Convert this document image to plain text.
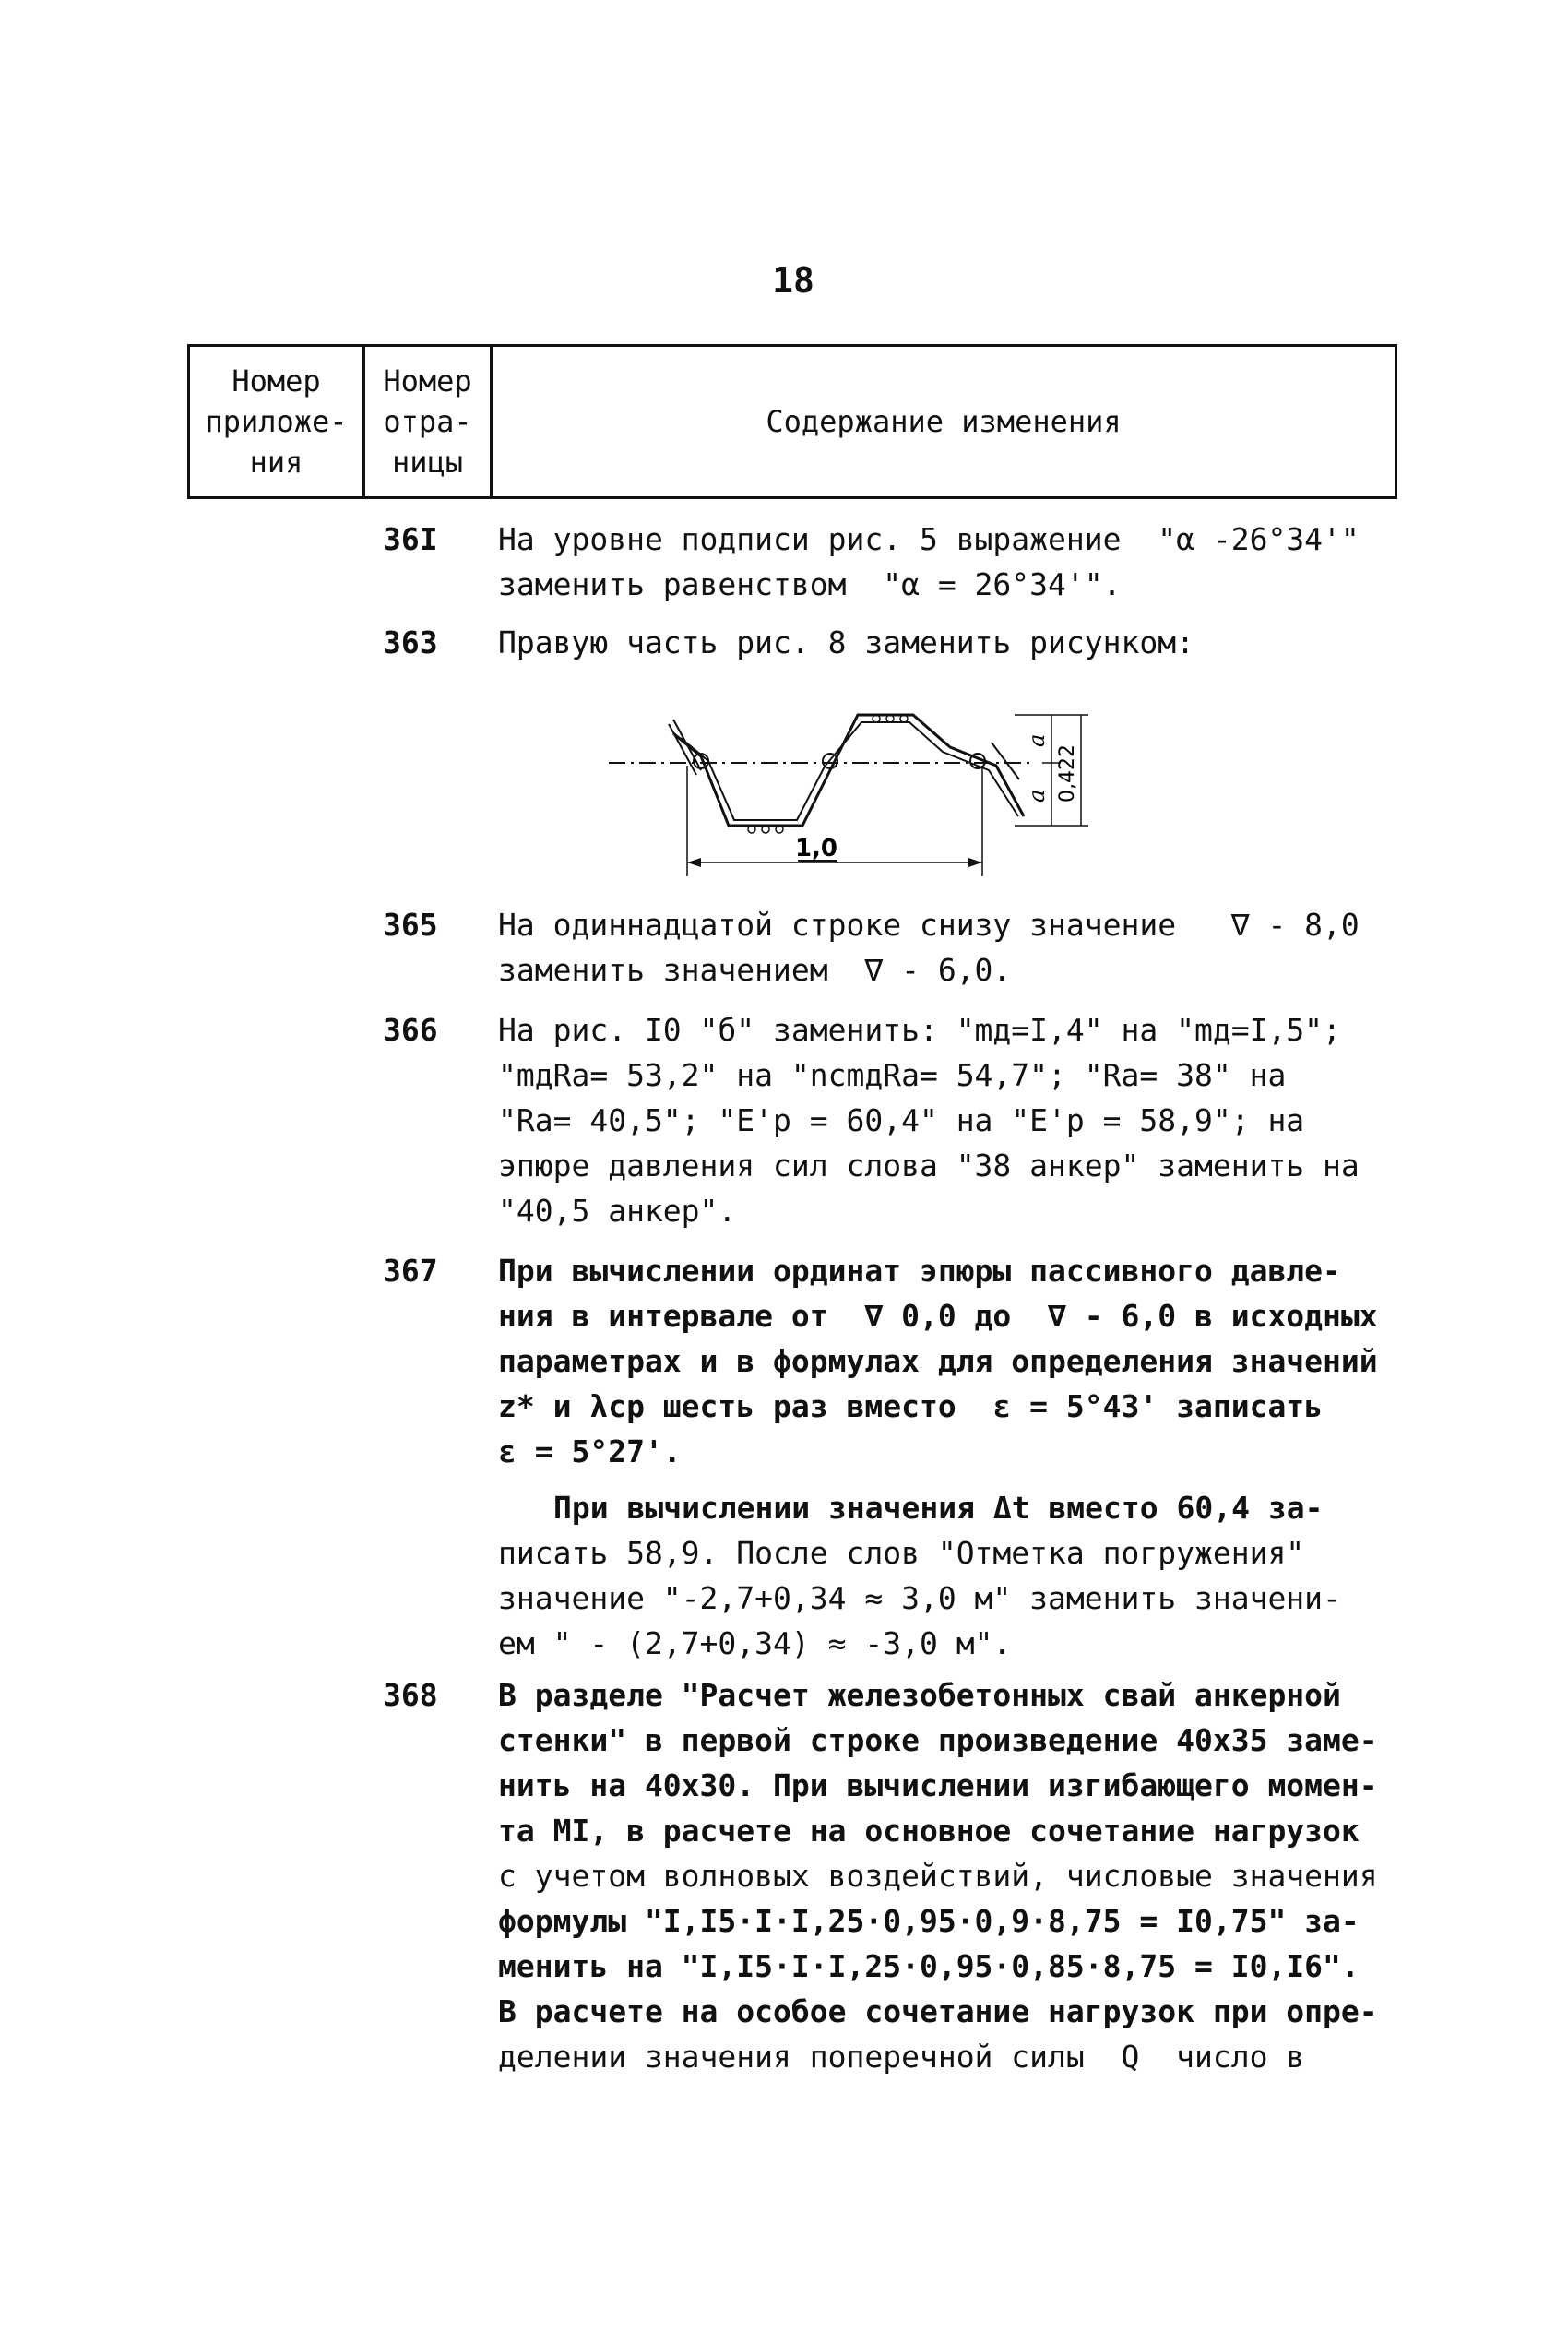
18
Номер
приложе-
ния
Номер
отра-
ницы
Содержание изменения
36I На уровне подписи рис. 5 выражение  "α -26°34'"

заменить равенством  "α = 26°34'".

363 Правую часть рис. 8 заменить рисунком:

1,0
a
a 0,422
365 На одиннадцатой строке снизу значение   ∇ - 8,0

заменить значением  ∇ - 6,0.

366 На рис. I0 "б" заменить: "mд=I,4" на "mд=I,5";

"mдRа= 53,2" на "nсmдRа= 54,7"; "Rа= 38" на

"Rа= 40,5"; "E'р = 60,4" на "E'р = 58,9"; на

эпюре давления сил слова "38 анкер" заменить на

"40,5 анкер".

367 При вычислении ординат эпюры пассивного давле-

ния в интервале от  ∇ 0,0 до  ∇ - 6,0 в исходных

параметрах и в формулах для определения значений

z* и λср шесть раз вместо  ε = 5°43' записать

ε = 5°27'.

При вычислении значения Δt вместо 60,4 за-

писать 58,9. После слов "Отметка погружения"

значение "-2,7+0,34 ≈ 3,0 м" заменить значени-

ем " - (2,7+0,34) ≈ -3,0 м".

368 В разделе "Расчет железобетонных свай анкерной

стенки" в первой строке произведение 40х35 заме-

нить на 40х30. При вычислении изгибающего момен-

та MI, в расчете на основное сочетание нагрузок

с учетом волновых воздействий, числовые значения

формулы "I,I5·I·I,25·0,95·0,9·8,75 = I0,75" за-

менить на "I,I5·I·I,25·0,95·0,85·8,75 = I0,I6".

В расчете на особое сочетание нагрузок при опре-

делении значения поперечной силы  Q  число в
